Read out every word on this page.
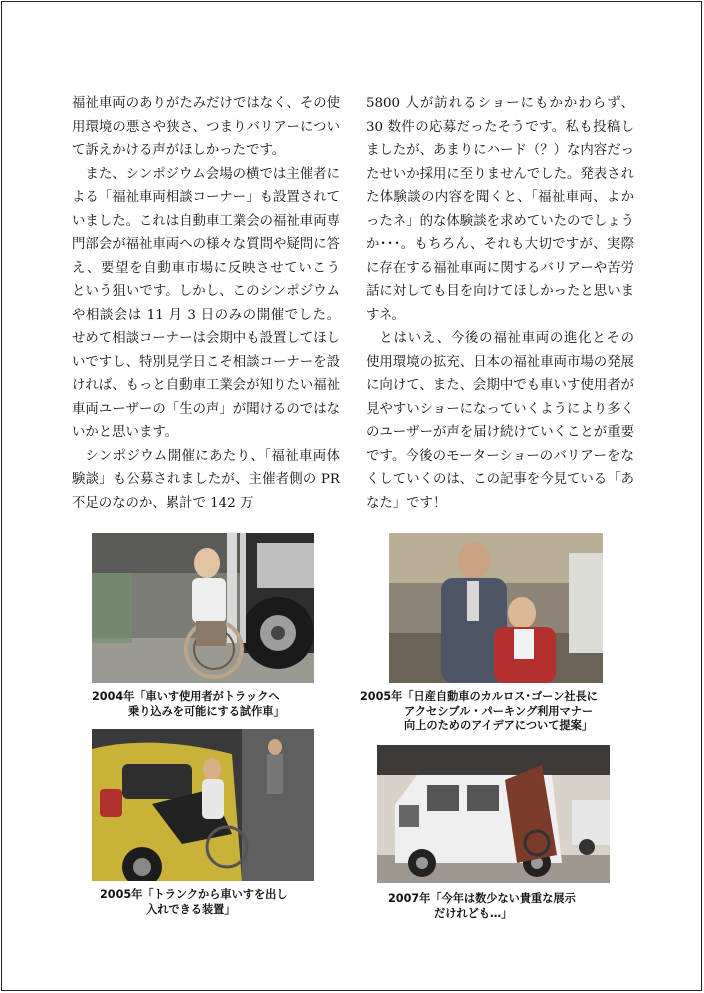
福祉車両のありがたみだけではなく、その使用環境の悪さや狭さ、つまりバリアーについて訴えかける声がほしかったです。

また、シンポジウム会場の横では主催者による「福祉車両相談コーナー」も設置されていました。これは自動車工業会の福祉車両専門部会が福祉車両への様々な質問や疑問に答え、要望を自動車市場に反映させていこうという狙いです。しかし、このシンポジウムや相談会は 11 月 3 日のみの開催でした。せめて相談コーナーは会期中も設置してほしいですし、特別見学日こそ相談コーナーを設ければ、もっと自動車工業会が知りたい福祉車両ユーザーの「生の声」が聞けるのではないかと思います。

シンポジウム開催にあたり、「福祉車両体験談」も公募されましたが、主催者側の PR 不足のなのか、累計で 142 万

5800 人が訪れるショーにもかかわらず、30 数件の応募だったそうです。私も投稿しましたが、あまりにハード（？）な内容だったせいか採用に至りませんでした。発表された体験談の内容を聞くと、「福祉車両、よかったネ」的な体験談を求めていたのでしょうか･･･。もちろん、それも大切ですが、実際に存在する福祉車両に関するバリアーや苦労話に対しても目を向けてほしかったと思いますネ。

とはいえ、今後の福祉車両の進化とその使用環境の拡充、日本の福祉車両市場の発展に向けて、また、会期中でも車いす使用者が見やすいショーになっていくようにより多くのユーザーが声を届け続けていくことが重要です。今後のモーターショーのバリアーをなくしていくのは、この記事を今見ている「あなた」です！

2004年「車いす使用者がトラックへ
乗り込みを可能にする試作車」
2005年「日産自動車のカルロス･ゴーン社長に
アクセシブル・パーキング利用マナー
向上のためのアイデアについて提案」
2005年「トランクから車いすを出し
入れできる装置」
2007年「今年は数少ない貴重な展示
だけれども…」
